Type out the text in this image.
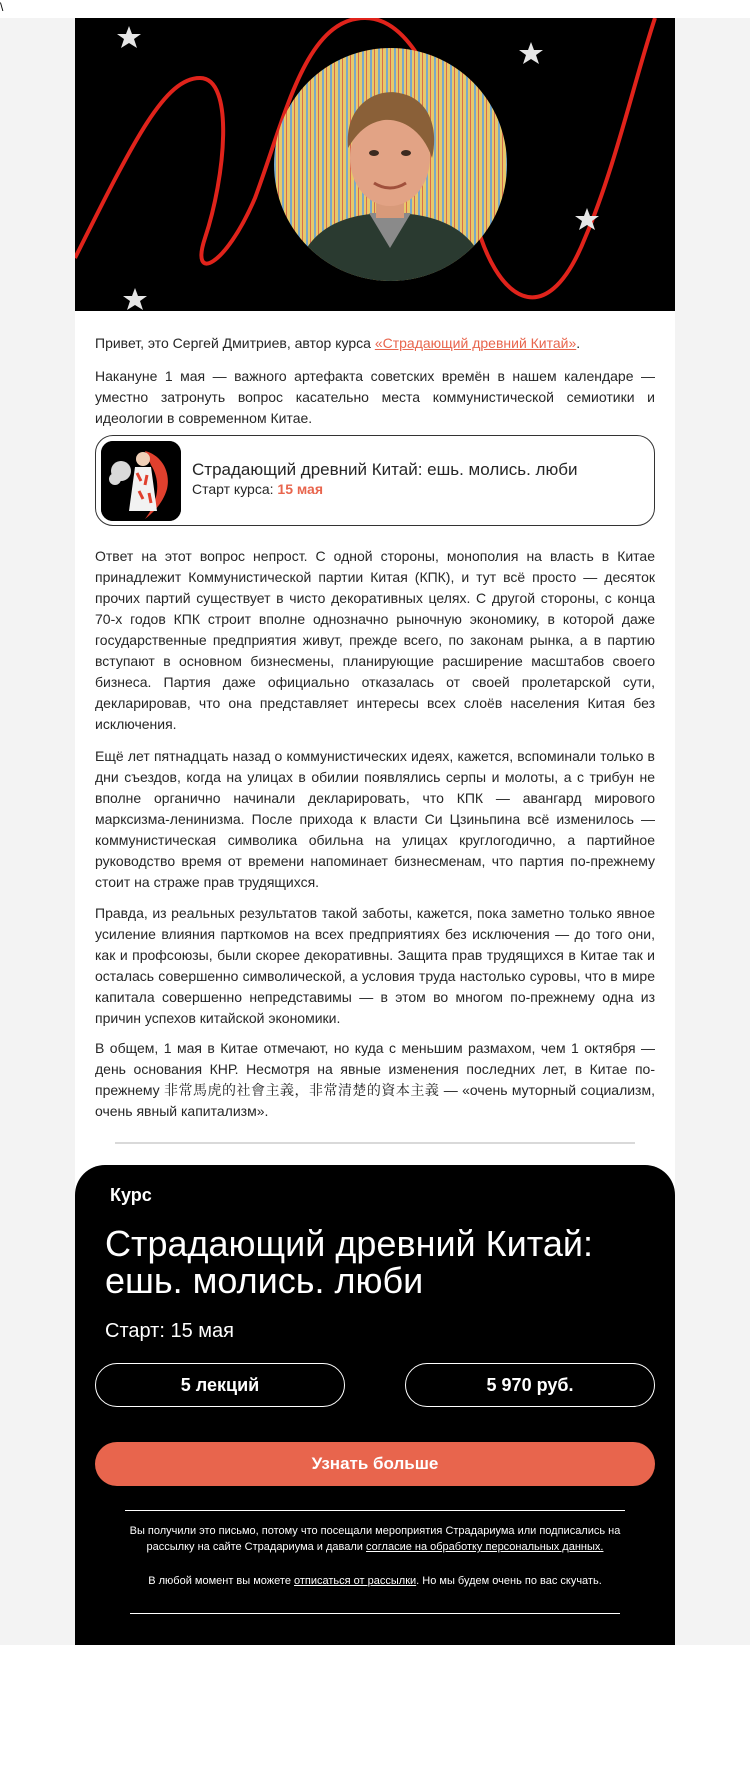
\

Привет, это Сергей Дмитриев, автор курса «Страдающий древний Китай».

Накануне 1 мая — важного артефакта советских времён в нашем календаре — уместно затронуть вопрос касательно места коммунистической семиотики и идеологии в современном Китае.

Страдающий древний Китай: ешь. молись. люби
Старт курса: 15 мая

Ответ на этот вопрос непрост. С одной стороны, монополия на власть в Китае принадлежит Коммунистической партии Китая (КПК), и тут всё просто — десяток прочих партий существует в чисто декоративных целях. С другой стороны, с конца 70-х годов КПК строит вполне однозначно рыночную экономику, в которой даже государственные предприятия живут, прежде всего, по законам рынка, а в партию вступают в основном бизнесмены, планирующие расширение масштабов своего бизнеса. Партия даже официально отказалась от своей пролетарской сути, декларировав, что она представляет интересы всех слоёв населения Китая без исключения.

Ещё лет пятнадцать назад о коммунистических идеях, кажется, вспоминали только в дни съездов, когда на улицах в обилии появлялись серпы и молоты, а с трибун не вполне органично начинали декларировать, что КПК — авангард мирового марксизма-ленинизма. После прихода к власти Си Цзиньпина всё изменилось — коммунистическая символика обильна на улицах круглогодично, а партийное руководство время от времени напоминает бизнесменам, что партия по-прежнему стоит на страже прав трудящихся.

Правда, из реальных результатов такой заботы, кажется, пока заметно только явное усиление влияния парткомов на всех предприятиях без исключения — до того они, как и профсоюзы, были скорее декоративны. Защита прав трудящихся в Китае так и осталась совершенно символической, а условия труда настолько суровы, что в мире капитала совершенно непредставимы — в этом во многом по-прежнему одна из причин успехов китайской экономики.

В общем, 1 мая в Китае отмечают, но куда с меньшим размахом, чем 1 октября — день основания КНР. Несмотря на явные изменения последних лет, в Китае по-прежнему 非常馬虎的社會主義，非常清楚的資本主義 — «очень муторный социализм, очень явный капитализм».

Курс
Страдающий древний Китай: ешь. молись. люби
Старт: 15 мая
5 лекций	5 970 руб.
Узнать больше
Вы получили это письмо, потому что посещали мероприятия Страдариума или подписались на рассылку на сайте Страдариума и давали согласие на обработку персональных данных.
В любой момент вы можете отписаться от рассылки. Но мы будем очень по вас скучать.
